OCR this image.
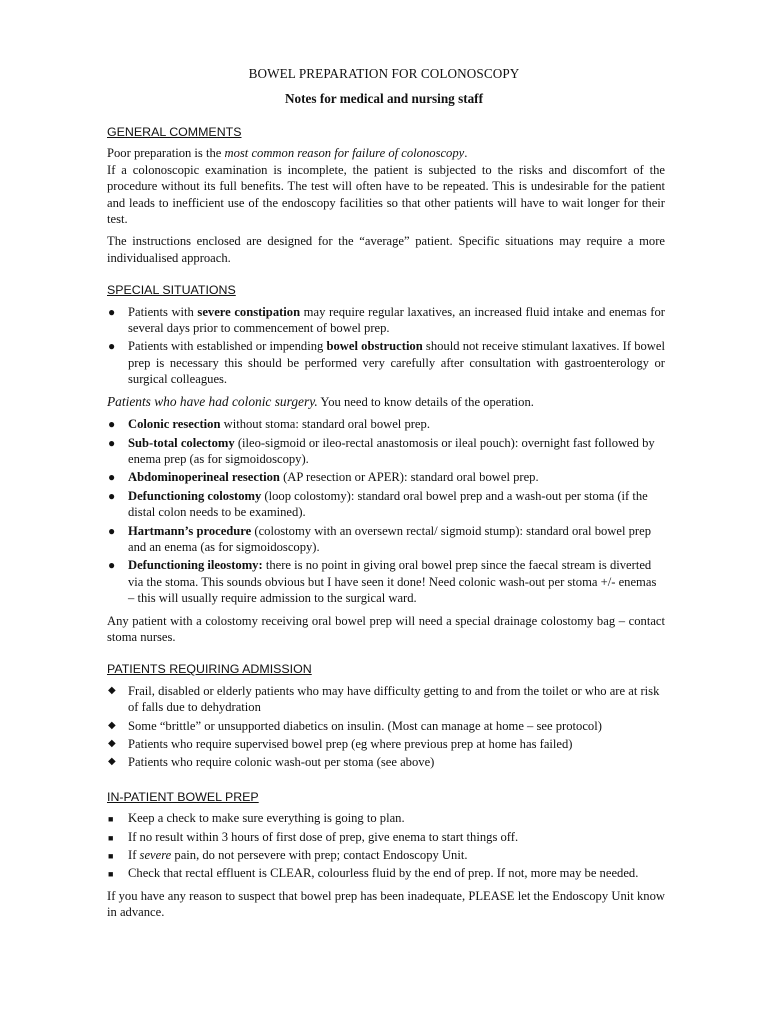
BOWEL PREPARATION FOR COLONOSCOPY
Notes for medical and nursing staff
GENERAL COMMENTS

Poor preparation is the most common reason for failure of colonoscopy.

If a colonoscopic examination is incomplete, the patient is subjected to the risks and discomfort of the procedure without its full benefits. The test will often have to be repeated. This is undesirable for the patient and leads to inefficient use of the endoscopy facilities so that other patients will have to wait longer for their test.

The instructions enclosed are designed for the “average” patient. Specific situations may require a more individualised approach.

SPECIAL SITUATIONS
●	Patients with severe constipation may require regular laxatives, an increased fluid intake and enemas for several days prior to commencement of bowel prep.
●	Patients with established or impending bowel obstruction should not receive stimulant laxatives. If bowel prep is necessary this should be performed very carefully after consultation with gastroenterology or surgical colleagues.

Patients who have had colonic surgery. You need to know details of the operation.

●	Colonic resection without stoma: standard oral bowel prep.
●	Sub-total colectomy (ileo-sigmoid or ileo-rectal anastomosis or ileal pouch): overnight fast followed by enema prep (as for sigmoidoscopy).
●	Abdominoperineal resection (AP resection or APER): standard oral bowel prep.
●	Defunctioning colostomy (loop colostomy): standard oral bowel prep and a wash-out per stoma (if the distal colon needs to be examined).
●	Hartmann’s procedure (colostomy with an oversewn rectal/ sigmoid stump): standard oral bowel prep and an enema (as for sigmoidoscopy).
●	Defunctioning ileostomy: there is no point in giving oral bowel prep since the faecal stream is diverted via the stoma. This sounds obvious but I have seen it done! Need colonic wash-out per stoma +/- enemas – this will usually require admission to the surgical ward.

Any patient with a colostomy receiving oral bowel prep will need a special drainage colostomy bag – contact stoma nurses.

PATIENTS REQUIRING ADMISSION
◆ Frail, disabled or elderly patients who may have difficulty getting to and from the toilet or who are at risk of falls due to dehydration
◆ Some “brittle” or unsupported diabetics on insulin. (Most can manage at home – see protocol)
◆ Patients who require supervised bowel prep (eg where previous prep at home has failed)
◆ Patients who require colonic wash-out per stoma (see above)
IN-PATIENT BOWEL PREP
■	Keep a check to make sure everything is going to plan.
■	If no result within 3 hours of first dose of prep, give enema to start things off.
■	If severe pain, do not persevere with prep; contact Endoscopy Unit.
■	Check that rectal effluent is CLEAR, colourless fluid by the end of prep. If not, more may be needed.

If you have any reason to suspect that bowel prep has been inadequate, PLEASE let the Endoscopy Unit know in advance.
